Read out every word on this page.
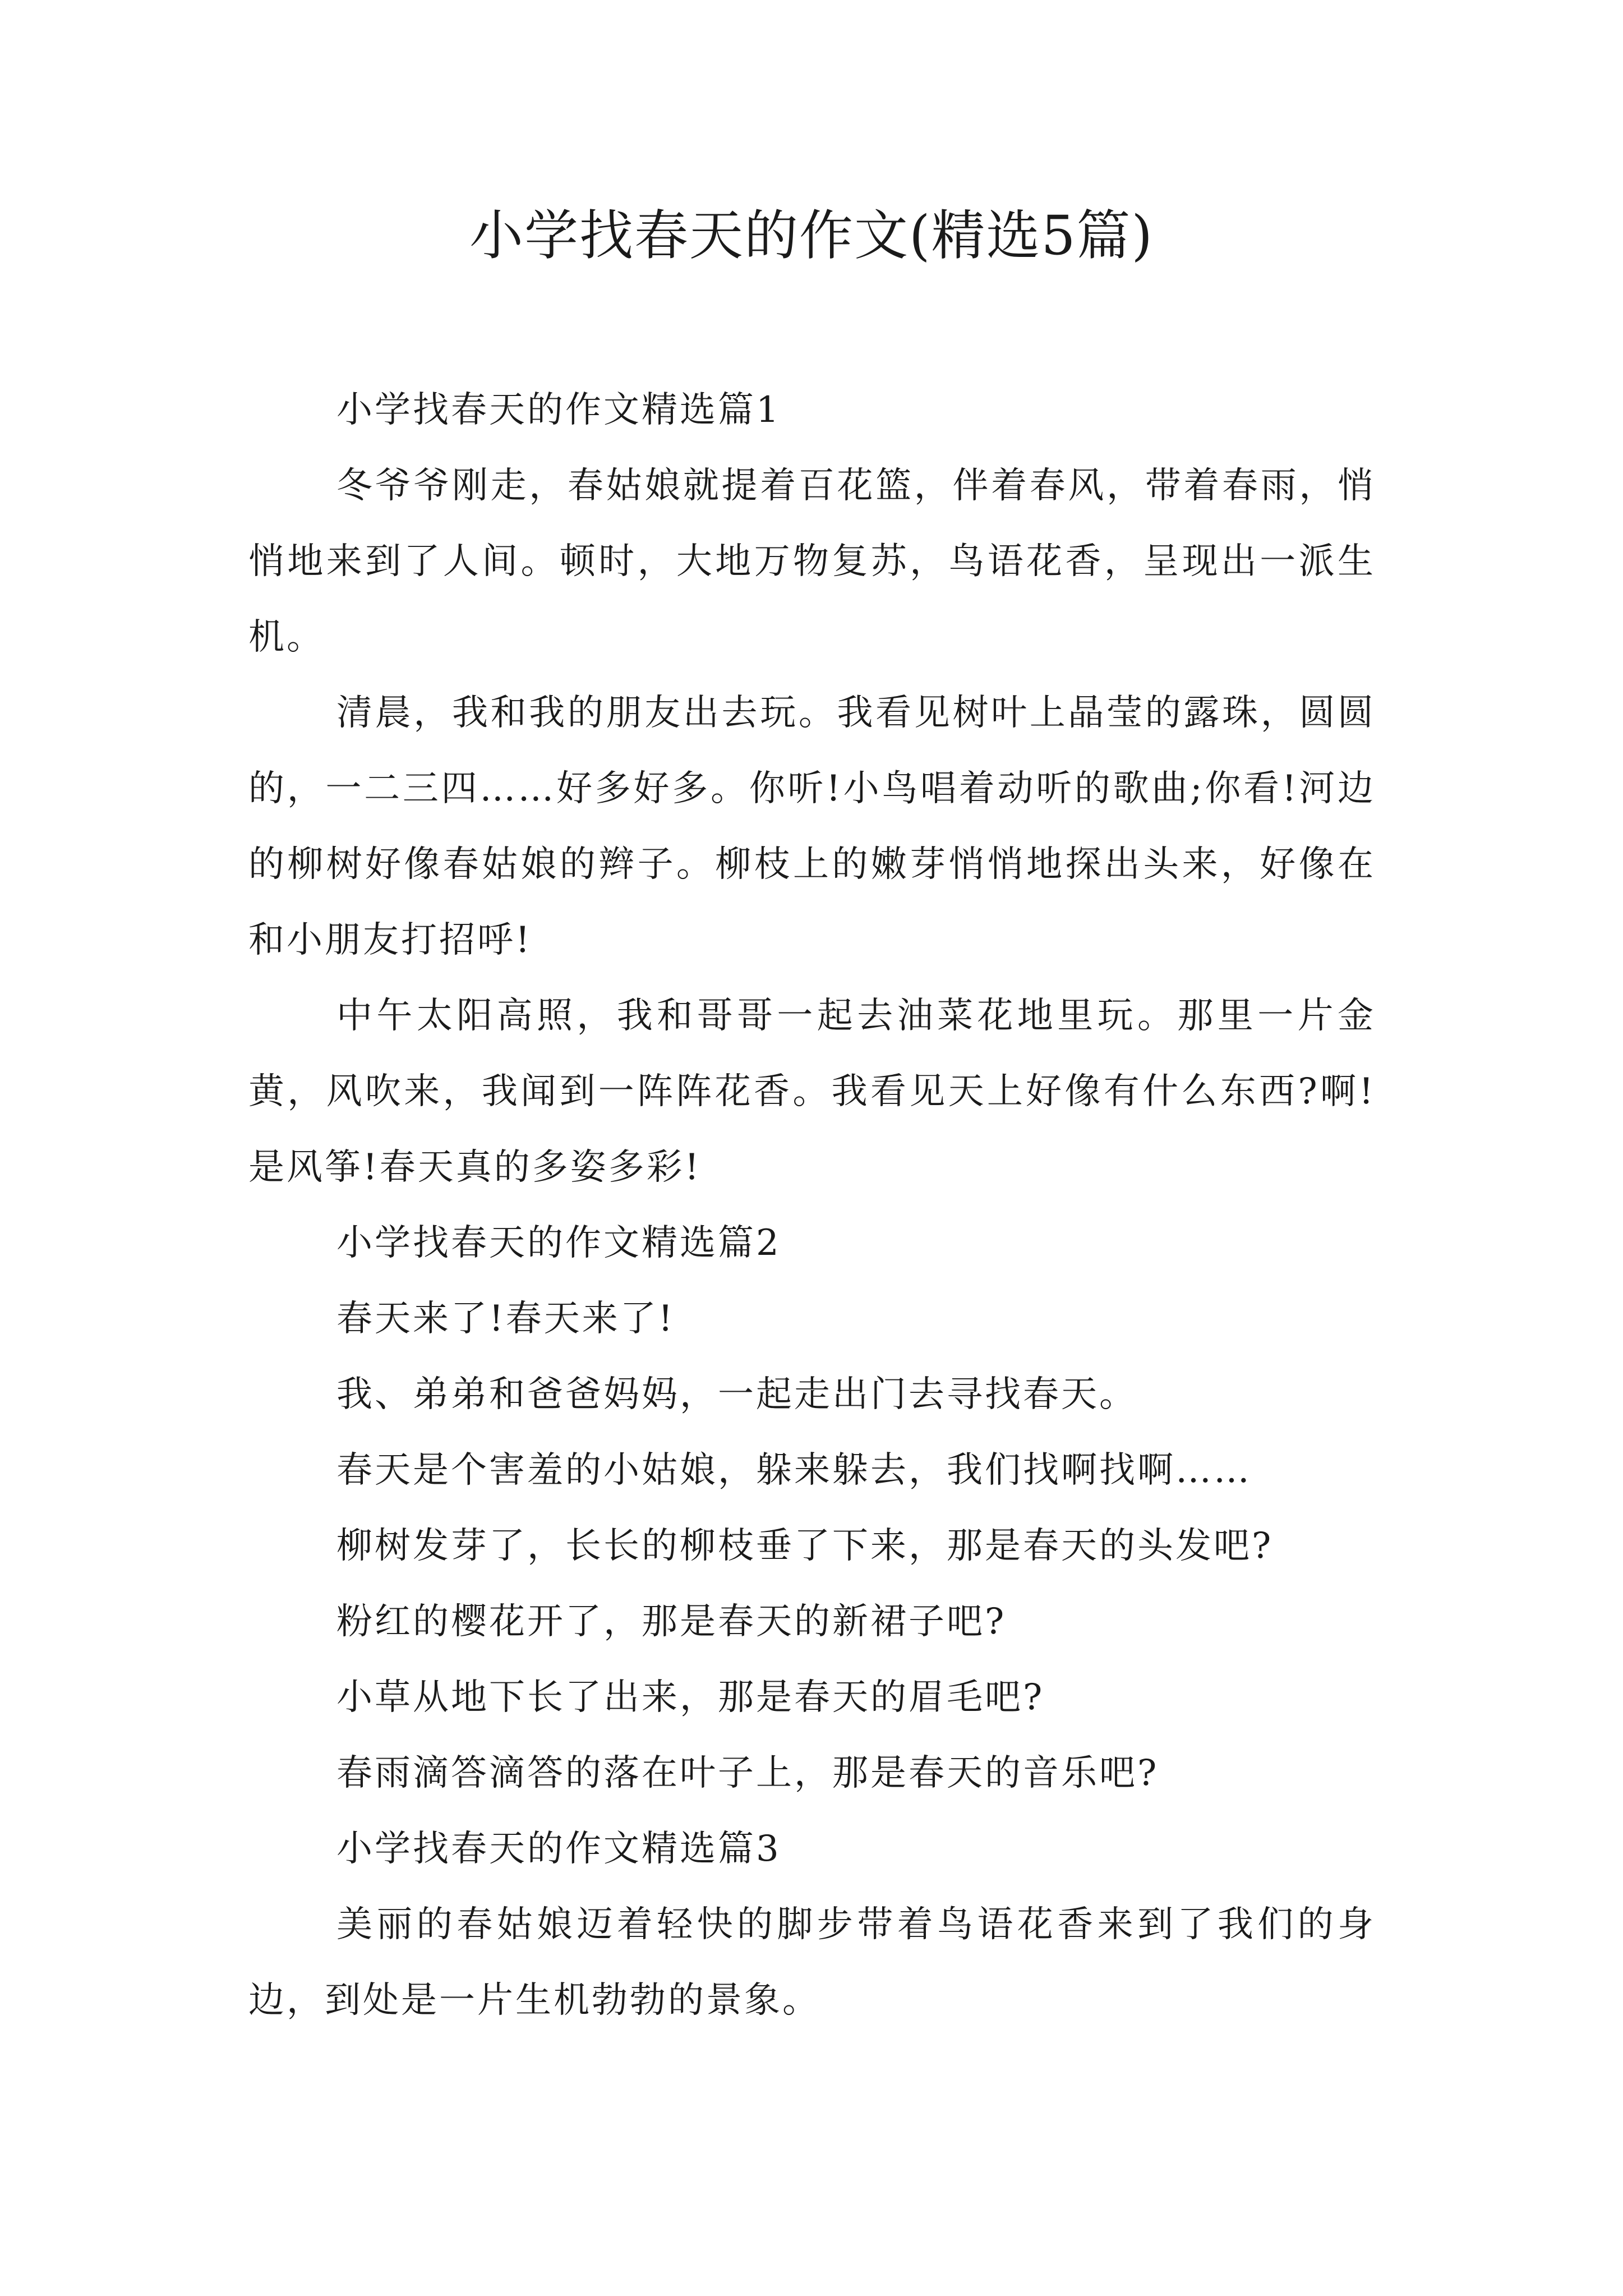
小学找春天的作文(精选5篇)

小学找春天的作文精选篇1

冬爷爷刚走，春姑娘就提着百花篮，伴着春风，带着春雨，悄悄地来到了人间。顿时，大地万物复苏，鸟语花香，呈现出一派生机。

清晨，我和我的朋友出去玩。我看见树叶上晶莹的露珠，圆圆的，一二三四……好多好多。你听!小鸟唱着动听的歌曲;你看!河边的柳树好像春姑娘的辫子。柳枝上的嫩芽悄悄地探出头来，好像在和小朋友打招呼!

中午太阳高照，我和哥哥一起去油菜花地里玩。那里一片金黄，风吹来，我闻到一阵阵花香。我看见天上好像有什么东西?啊!是风筝!春天真的多姿多彩!

小学找春天的作文精选篇2

春天来了!春天来了!

我、弟弟和爸爸妈妈，一起走出门去寻找春天。

春天是个害羞的小姑娘，躲来躲去，我们找啊找啊……

柳树发芽了，长长的柳枝垂了下来，那是春天的头发吧?

粉红的樱花开了，那是春天的新裙子吧?

小草从地下长了出来，那是春天的眉毛吧?

春雨滴答滴答的落在叶子上，那是春天的音乐吧?

小学找春天的作文精选篇3

美丽的春姑娘迈着轻快的脚步带着鸟语花香来到了我们的身边，到处是一片生机勃勃的景象。
